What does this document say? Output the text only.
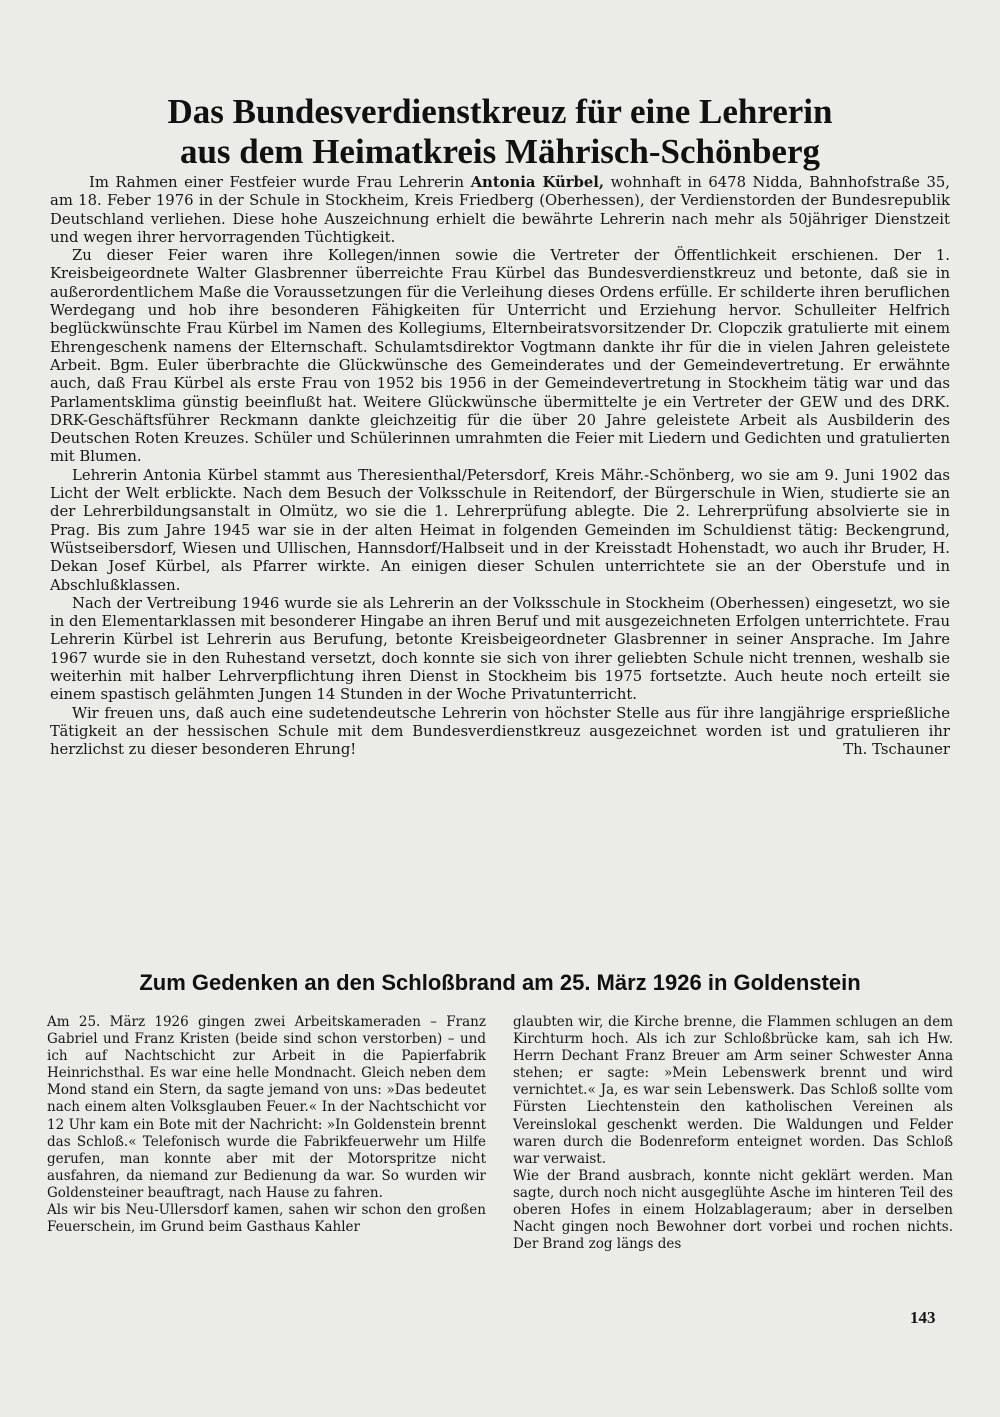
Das Bundesverdienstkreuz für eine Lehrerin
aus dem Heimatkreis Mährisch-Schönberg

Im Rahmen einer Festfeier wurde Frau Lehrerin Antonia Kürbel, wohnhaft in 6478 Nidda, Bahnhofstraße 35, am 18. Feber 1976 in der Schule in Stockheim, Kreis Friedberg (Oberhessen), der Verdienstorden der Bundesrepublik Deutschland verliehen. Diese hohe Auszeichnung erhielt die bewährte Lehrerin nach mehr als 50jähriger Dienstzeit und wegen ihrer hervorragenden Tüchtigkeit.

Zu dieser Feier waren ihre Kollegen/innen sowie die Vertreter der Öffentlichkeit erschienen. Der 1. Kreisbeigeordnete Walter Glasbrenner überreichte Frau Kürbel das Bundesverdienstkreuz und betonte, daß sie in außerordentlichem Maße die Voraussetzungen für die Verleihung dieses Ordens erfülle. Er schilderte ihren beruflichen Werdegang und hob ihre besonderen Fähigkeiten für Unterricht und Erziehung hervor. Schulleiter Helfrich beglückwünschte Frau Kürbel im Namen des Kollegiums, Elternbeiratsvorsitzender Dr. Clopczik gratulierte mit einem Ehrengeschenk namens der Elternschaft. Schulamtsdirektor Vogtmann dankte ihr für die in vielen Jahren geleistete Arbeit. Bgm. Euler überbrachte die Glückwünsche des Gemeinderates und der Gemeindevertretung. Er erwähnte auch, daß Frau Kürbel als erste Frau von 1952 bis 1956 in der Gemeindevertretung in Stockheim tätig war und das Parlamentsklima günstig beeinflußt hat. Weitere Glückwünsche übermittelte je ein Vertreter der GEW und des DRK. DRK-Geschäftsführer Reckmann dankte gleichzeitig für die über 20 Jahre geleistete Arbeit als Ausbilderin des Deutschen Roten Kreuzes. Schüler und Schülerinnen umrahmten die Feier mit Liedern und Gedichten und gratulierten mit Blumen.

Lehrerin Antonia Kürbel stammt aus Theresienthal/Petersdorf, Kreis Mähr.-Schönberg, wo sie am 9. Juni 1902 das Licht der Welt erblickte. Nach dem Besuch der Volksschule in Reitendorf, der Bürgerschule in Wien, studierte sie an der Lehrerbildungsanstalt in Olmütz, wo sie die 1. Lehrerprüfung ablegte. Die 2. Lehrerprüfung absolvierte sie in Prag. Bis zum Jahre 1945 war sie in der alten Heimat in folgenden Gemeinden im Schuldienst tätig: Beckengrund, Wüstseibersdorf, Wiesen und Ullischen, Hannsdorf/Halbseit und in der Kreisstadt Hohenstadt, wo auch ihr Bruder, H. Dekan Josef Kürbel, als Pfarrer wirkte. An einigen dieser Schulen unterrichtete sie an der Oberstufe und in Abschlußklassen.

Nach der Vertreibung 1946 wurde sie als Lehrerin an der Volksschule in Stockheim (Oberhessen) eingesetzt, wo sie in den Elementarklassen mit besonderer Hingabe an ihren Beruf und mit ausgezeichneten Erfolgen unterrichtete. Frau Lehrerin Kürbel ist Lehrerin aus Berufung, betonte Kreisbeigeordneter Glasbrenner in seiner Ansprache. Im Jahre 1967 wurde sie in den Ruhestand versetzt, doch konnte sie sich von ihrer geliebten Schule nicht trennen, weshalb sie weiterhin mit halber Lehrverpflichtung ihren Dienst in Stockheim bis 1975 fortsetzte. Auch heute noch erteilt sie einem spastisch gelähmten Jungen 14 Stunden in der Woche Privatunterricht.

Wir freuen uns, daß auch eine sudetendeutsche Lehrerin von höchster Stelle aus für ihre langjährige ersprießliche Tätigkeit an der hessischen Schule mit dem Bundesverdienstkreuz ausgezeichnet worden ist und gratulieren ihr herzlichst zu dieser besonderen Ehrung!	Th. Tschauner

Zum Gedenken an den Schloßbrand am 25. März 1926 in Goldenstein

Am 25. März 1926 gingen zwei Arbeitskameraden – Franz Gabriel und Franz Kristen (beide sind schon verstorben) – und ich auf Nachtschicht zur Arbeit in die Papierfabrik Heinrichsthal. Es war eine helle Mondnacht. Gleich neben dem Mond stand ein Stern, da sagte jemand von uns: »Das bedeutet nach einem alten Volksglauben Feuer.« In der Nachtschicht vor 12 Uhr kam ein Bote mit der Nachricht: »In Goldenstein brennt das Schloß.« Telefonisch wurde die Fabrikfeuerwehr um Hilfe gerufen, man konnte aber mit der Motorspritze nicht ausfahren, da niemand zur Bedienung da war. So wurden wir Goldensteiner beauftragt, nach Hause zu fahren.

Als wir bis Neu-Ullersdorf kamen, sahen wir schon den großen Feuerschein, im Grund beim Gasthaus Kahler

glaubten wir, die Kirche brenne, die Flammen schlugen an dem Kirchturm hoch. Als ich zur Schloßbrücke kam, sah ich Hw. Herrn Dechant Franz Breuer am Arm seiner Schwester Anna stehen; er sagte: »Mein Lebenswerk brennt und wird vernichtet.« Ja, es war sein Lebenswerk. Das Schloß sollte vom Fürsten Liechtenstein den katholischen Vereinen als Vereinslokal geschenkt werden. Die Waldungen und Felder waren durch die Bodenreform enteignet worden. Das Schloß war verwaist.

Wie der Brand ausbrach, konnte nicht geklärt werden. Man sagte, durch noch nicht ausgeglühte Asche im hinteren Teil des oberen Hofes in einem Holzablageraum; aber in derselben Nacht gingen noch Bewohner dort vorbei und rochen nichts. Der Brand zog längs des

143
